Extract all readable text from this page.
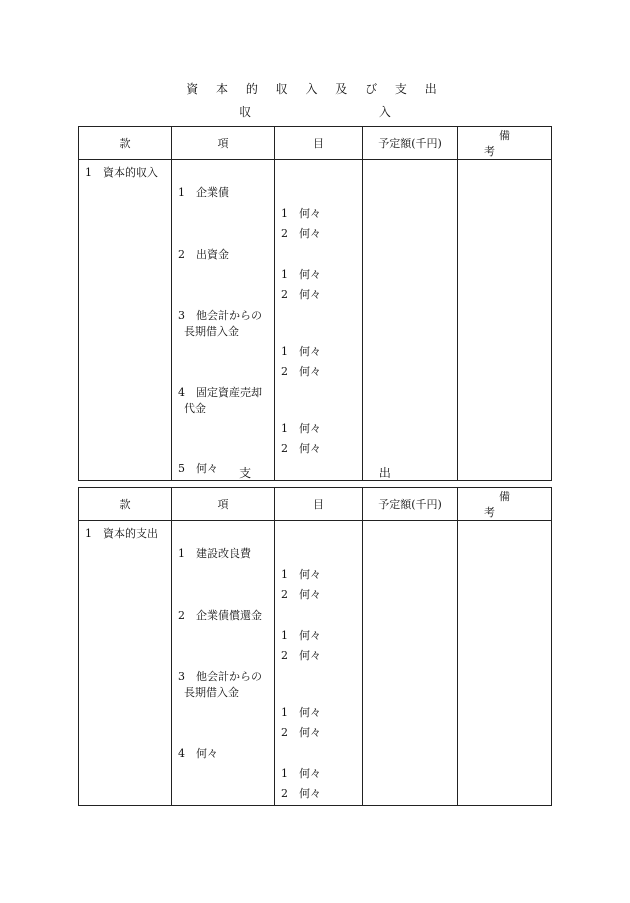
資 本 的 収 入 及 び 支 出
収 入
款	項	目	予定額(千円)	備 考

1 資本的収入				

	1 企業債			

		1 何々		

		2 何々		

	2 出資金			

		1 何々		

		2 何々		

	3 他会計からの
長期借入金			

		1 何々		

		2 何々		

	4 固定資産売却
代金			

		1 何々		

		2 何々		

	5 何々			
				支 出
款	項	目	予定額(千円)	備 考

1 資本的支出				

	1 建設改良費			

		1 何々		

		2 何々		

	2 企業債償還金			

		1 何々		

		2 何々		

	3 他会計からの
長期借入金			

		1 何々		

		2 何々		

	4 何々			

		1 何々		

		2 何々		
